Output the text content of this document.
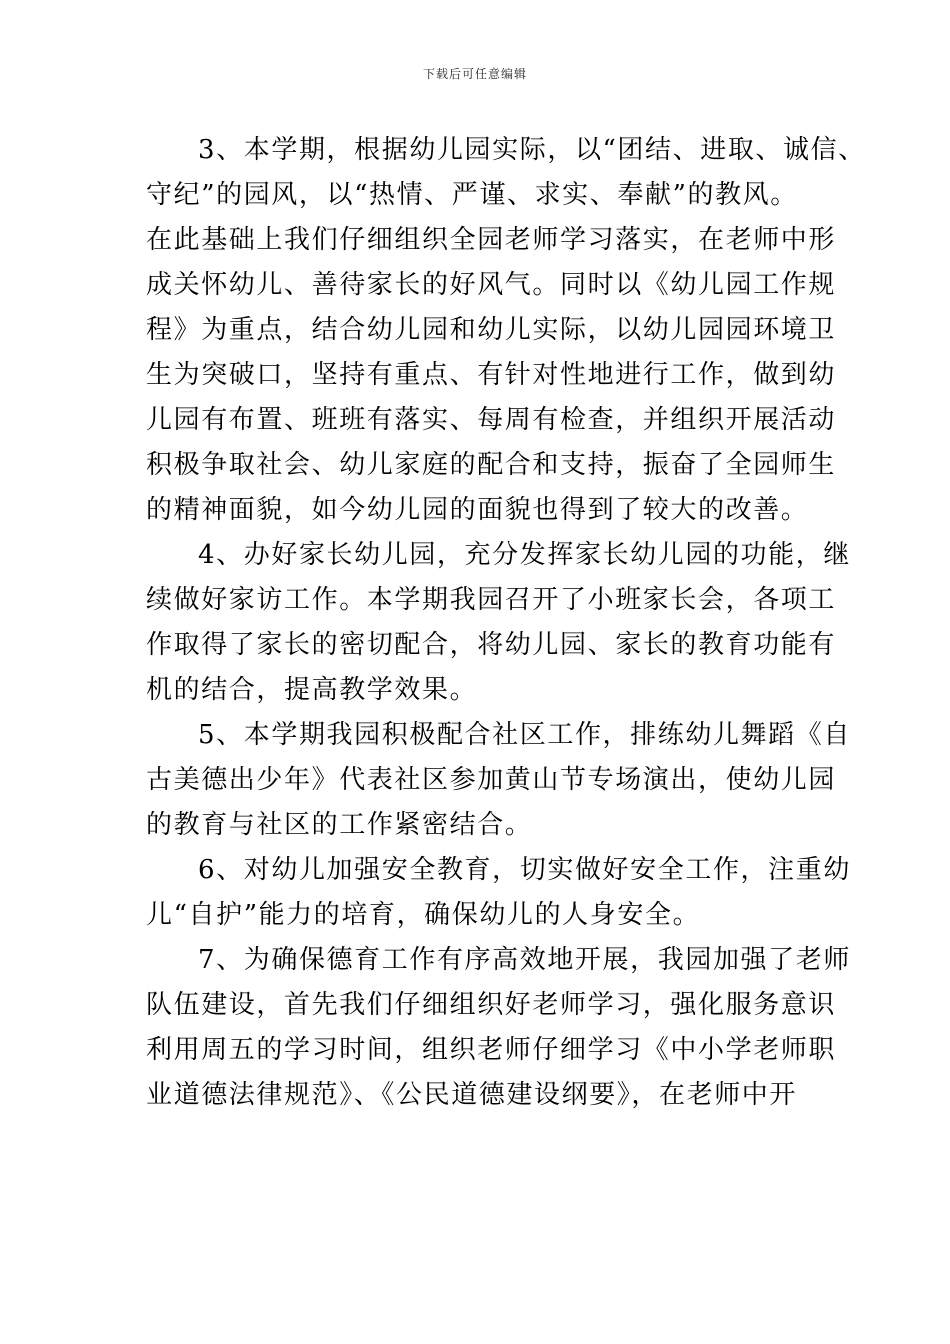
下载后可任意编辑
3、本学期，根据幼儿园实际，以“团结、进取、诚信、
守纪”的园风，以“热情、严谨、求实、奉献”的教风。
在此基础上我们仔细组织全园老师学习落实，在老师中形
成关怀幼儿、善待家长的好风气。同时以《幼儿园工作规
程》为重点，结合幼儿园和幼儿实际，以幼儿园园环境卫
生为突破口，坚持有重点、有针对性地进行工作，做到幼
儿园有布置、班班有落实、每周有检查，并组织开展活动
积极争取社会、幼儿家庭的配合和支持，振奋了全园师生
的精神面貌，如今幼儿园的面貌也得到了较大的改善。
4、办好家长幼儿园，充分发挥家长幼儿园的功能，继
续做好家访工作。本学期我园召开了小班家长会，各项工
作取得了家长的密切配合，将幼儿园、家长的教育功能有
机的结合，提高教学效果。
5、本学期我园积极配合社区工作，排练幼儿舞蹈《自
古美德出少年》代表社区参加黄山节专场演出，使幼儿园
的教育与社区的工作紧密结合。
6、对幼儿加强安全教育，切实做好安全工作，注重幼
儿“自护”能力的培育，确保幼儿的人身安全。
7、为确保德育工作有序高效地开展，我园加强了老师
队伍建设，首先我们仔细组织好老师学习，强化服务意识
利用周五的学习时间，组织老师仔细学习《中小学老师职
业道德法律规范》、《公民道德建设纲要》，在老师中开
